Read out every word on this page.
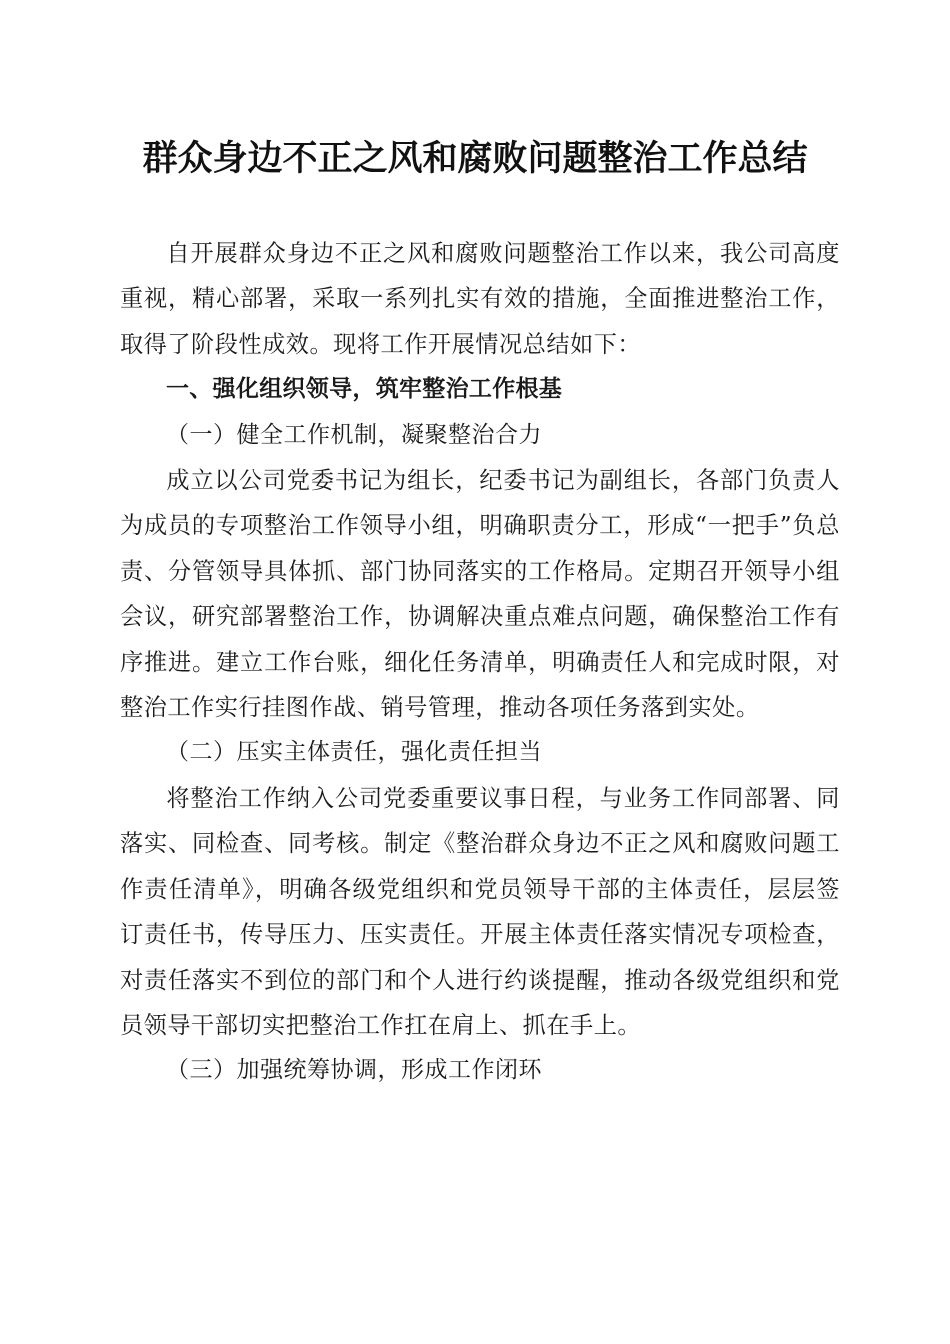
群众身边不正之风和腐败问题整治工作总结

自开展群众身边不正之风和腐败问题整治工作以来，我公司高度重视，精心部署，采取一系列扎实有效的措施，全面推进整治工作，取得了阶段性成效。现将工作开展情况总结如下：

一、强化组织领导，筑牢整治工作根基

（一）健全工作机制，凝聚整治合力

成立以公司党委书记为组长，纪委书记为副组长，各部门负责人为成员的专项整治工作领导小组，明确职责分工，形成“一把手”负总责、分管领导具体抓、部门协同落实的工作格局。定期召开领导小组会议，研究部署整治工作，协调解决重点难点问题，确保整治工作有序推进。建立工作台账，细化任务清单，明确责任人和完成时限，对整治工作实行挂图作战、销号管理，推动各项任务落到实处。

（二）压实主体责任，强化责任担当

将整治工作纳入公司党委重要议事日程，与业务工作同部署、同落实、同检查、同考核。制定《整治群众身边不正之风和腐败问题工作责任清单》，明确各级党组织和党员领导干部的主体责任，层层签订责任书，传导压力、压实责任。开展主体责任落实情况专项检查，对责任落实不到位的部门和个人进行约谈提醒，推动各级党组织和党员领导干部切实把整治工作扛在肩上、抓在手上。

（三）加强统筹协调，形成工作闭环
